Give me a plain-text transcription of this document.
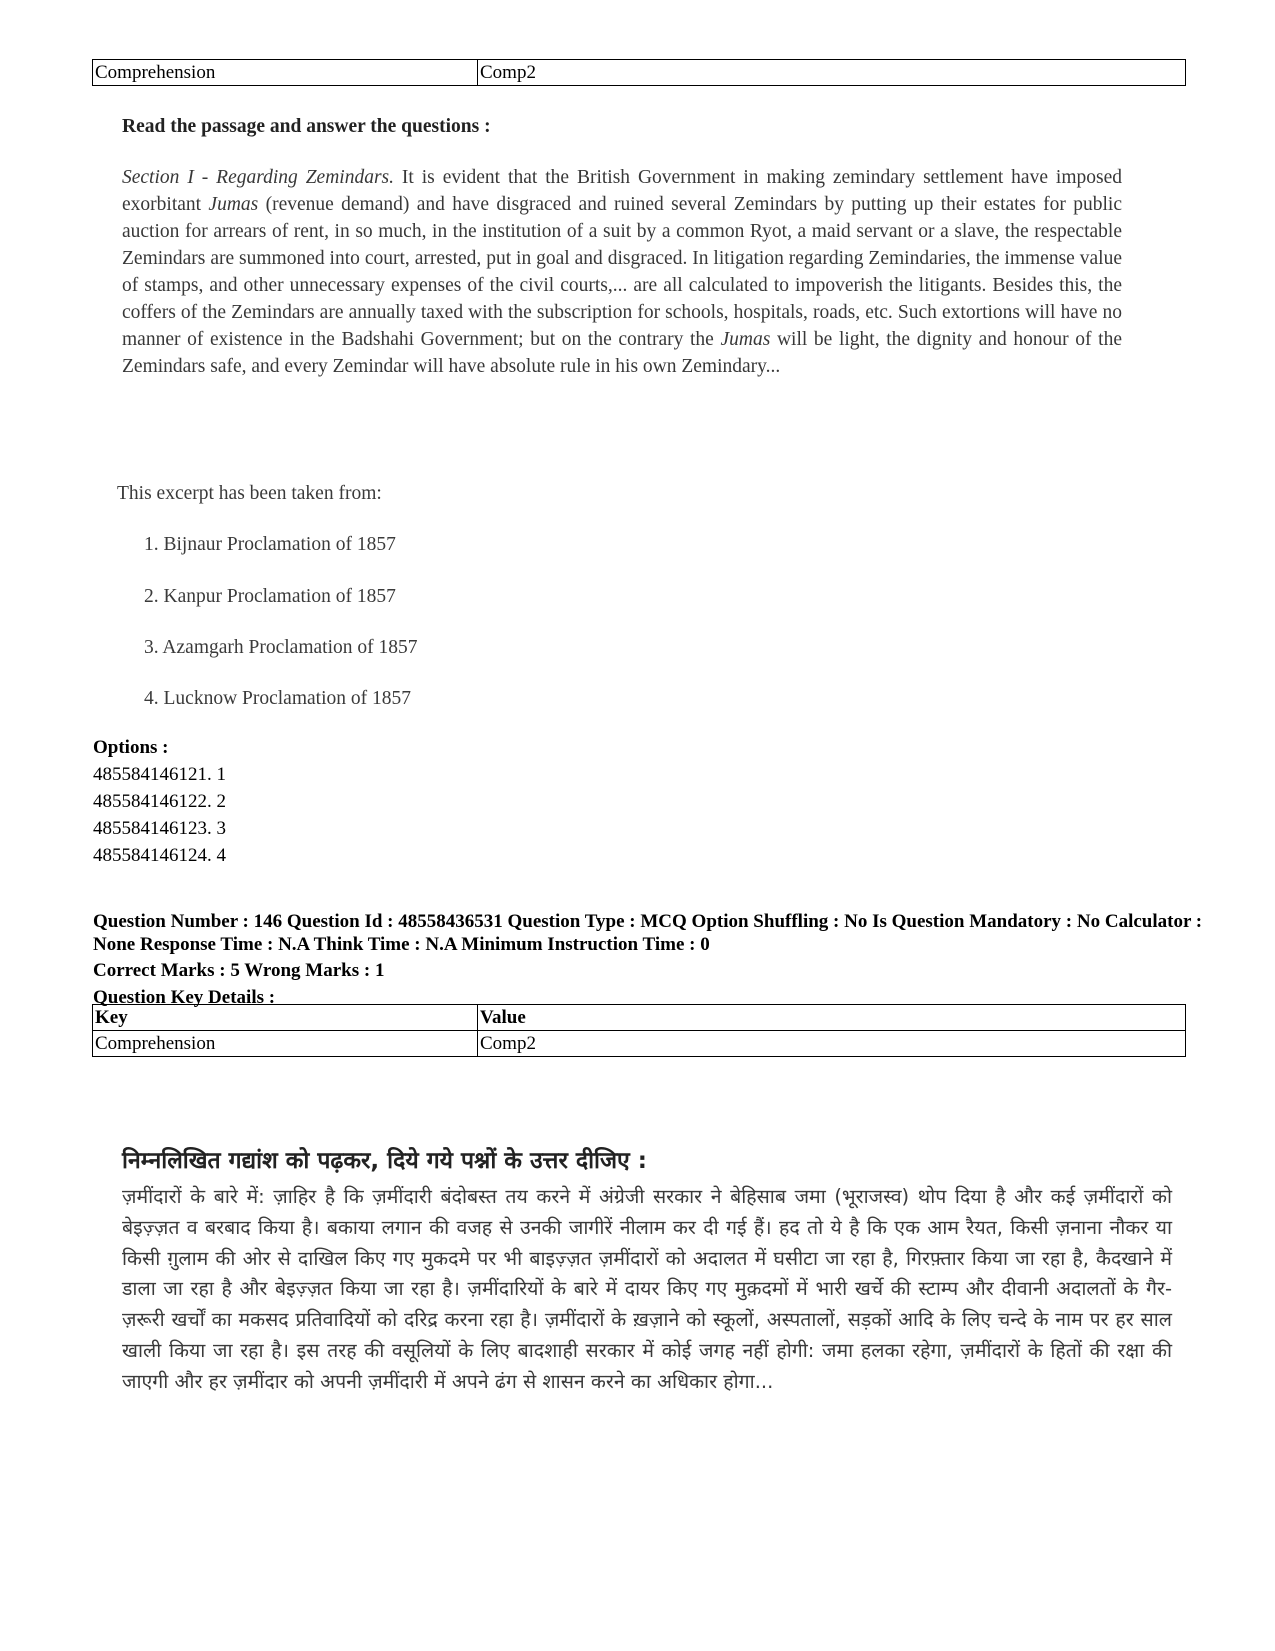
Comprehension	Comp2
Read the passage and answer the questions :
Section I - Regarding Zemindars. It is evident that the British Government in making zemindary settlement have imposed exorbitant Jumas (revenue demand) and have disgraced and ruined several Zemindars by putting up their estates for public auction for arrears of rent, in so much, in the institution of a suit by a common Ryot, a maid servant or a slave, the respectable Zemindars are summoned into court, arrested, put in goal and disgraced. In litigation regarding Zemindaries, the immense value of stamps, and other unnecessary expenses of the civil courts,... are all calculated to impoverish the litigants. Besides this, the coffers of the Zemindars are annually taxed with the subscription for schools, hospitals, roads, etc. Such extortions will have no manner of existence in the Badshahi Government; but on the contrary the Jumas will be light, the dignity and honour of the Zemindars safe, and every Zemindar will have absolute rule in his own Zemindary...
This excerpt has been taken from:
1. Bijnaur Proclamation of 1857
2. Kanpur Proclamation of 1857
3. Azamgarh Proclamation of 1857
4. Lucknow Proclamation of 1857
Options :
485584146121. 1
485584146122. 2
485584146123. 3
485584146124. 4
Question Number : 146 Question Id : 48558436531 Question Type : MCQ Option Shuffling : No Is Question Mandatory : No Calculator : None Response Time : N.A Think Time : N.A Minimum Instruction Time : 0
Correct Marks : 5 Wrong Marks : 1
Question Key Details :
Key	Value
Comprehension	Comp2
निम्नलिखित गद्यांश को पढ़कर, दिये गये पश्नों के उत्तर दीजिए :
ज़मींदारों के बारे में: ज़ाहिर है कि ज़मींदारी बंदोबस्त तय करने में अंग्रेजी सरकार ने बेहिसाब जमा (भूराजस्व) थोप दिया है और कई ज़मींदारों को बेइज़्ज़त व बरबाद किया है। बकाया लगान की वजह से उनकी जागीरें नीलाम कर दी गई हैं। हद तो ये है कि एक आम रैयत, किसी ज़नाना नौकर या किसी ग़ुलाम की ओर से दाखिल किए गए मुकदमे पर भी बाइज़्ज़त ज़मींदारों को अदालत में घसीटा जा रहा है, गिरफ़्तार किया जा रहा है, कैदखाने में डाला जा रहा है और बेइज़्ज़त किया जा रहा है। ज़मींदारियों के बारे में दायर किए गए मुक़दमों में भारी खर्चे की स्टाम्प और दीवानी अदालतों के गैर-ज़रूरी खर्चों का मकसद प्रतिवादियों को दरिद्र करना रहा है। ज़मींदारों के ख़ज़ाने को स्कूलों, अस्पतालों, सड़कों आदि के लिए चन्दे के नाम पर हर साल खाली किया जा रहा है। इस तरह की वसूलियों के लिए बादशाही सरकार में कोई जगह नहीं होगी: जमा हलका रहेगा, ज़मींदारों के हितों की रक्षा की जाएगी और हर ज़मींदार को अपनी ज़मींदारी में अपने ढंग से शासन करने का अधिकार होगा...
